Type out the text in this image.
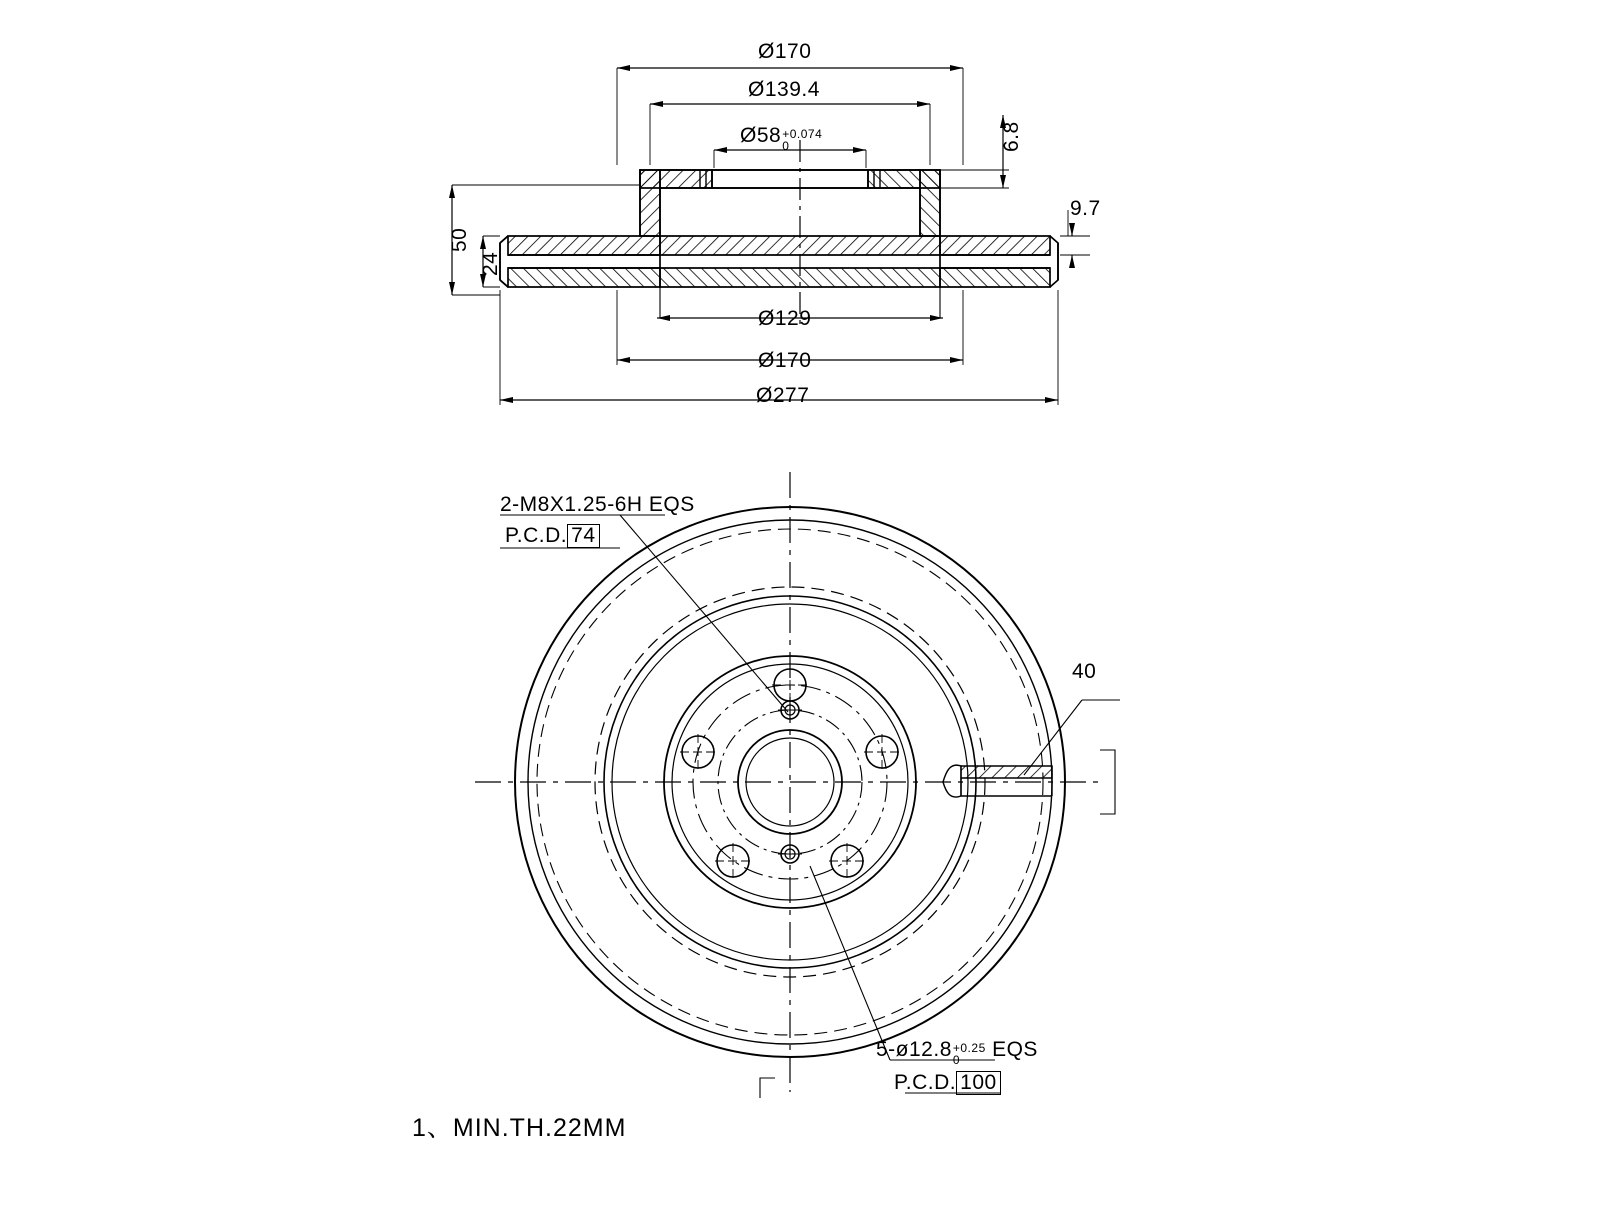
Ø170
Ø139.4
Ø58 +0.074
0	6.8
9.7
50
24
Ø129
Ø170
Ø277
2-M8X1.25-6H EQS
P.C.D. 74
5-ø12.8 +0.25
0	EQS
P.C.D. 100
40
1、MIN.TH.22MM
